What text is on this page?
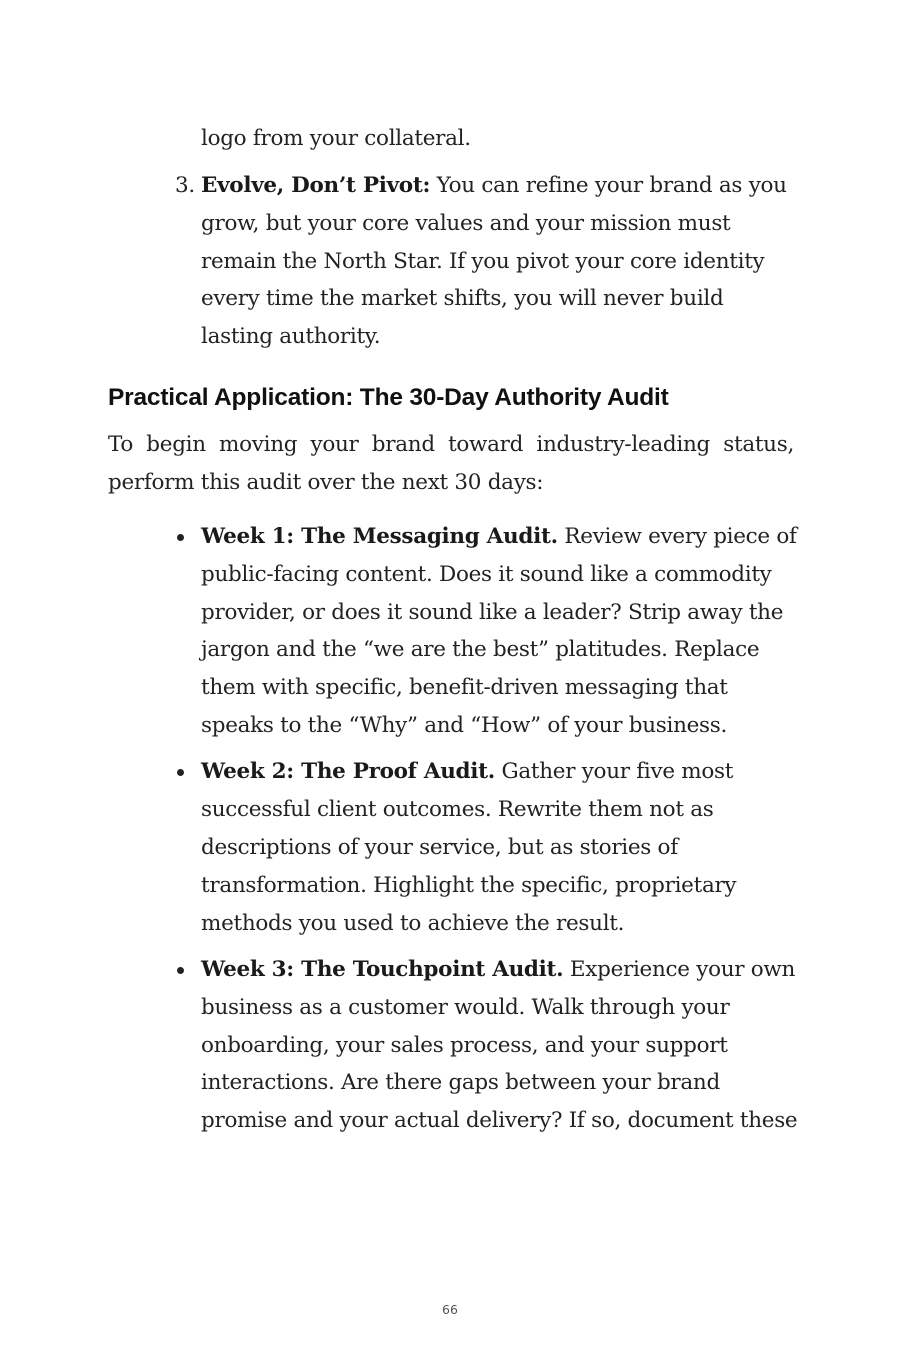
logo from your collateral.

3. Evolve, Don’t Pivot: You can refine your brand as you grow, but your core values and your mission must remain the North Star. If you pivot your core identity every time the market shifts, you will never build lasting authority.
Practical Application: The 30-Day Authority Audit

To begin moving your brand toward industry-leading status, perform this audit over the next 30 days:

Week 1: The Messaging Audit. Review every piece of public-facing content. Does it sound like a commodity provider, or does it sound like a leader? Strip away the jargon and the “we are the best” platitudes. Replace them with specific, benefit-driven messaging that speaks to the “Why” and “How” of your business.
Week 2: The Proof Audit. Gather your five most successful client outcomes. Rewrite them not as descriptions of your service, but as stories of transformation. Highlight the specific, proprietary methods you used to achieve the result.
Week 3: The Touchpoint Audit. Experience your own business as a customer would. Walk through your onboarding, your sales process, and your support interactions. Are there gaps between your brand promise and your actual delivery? If so, document these
66
